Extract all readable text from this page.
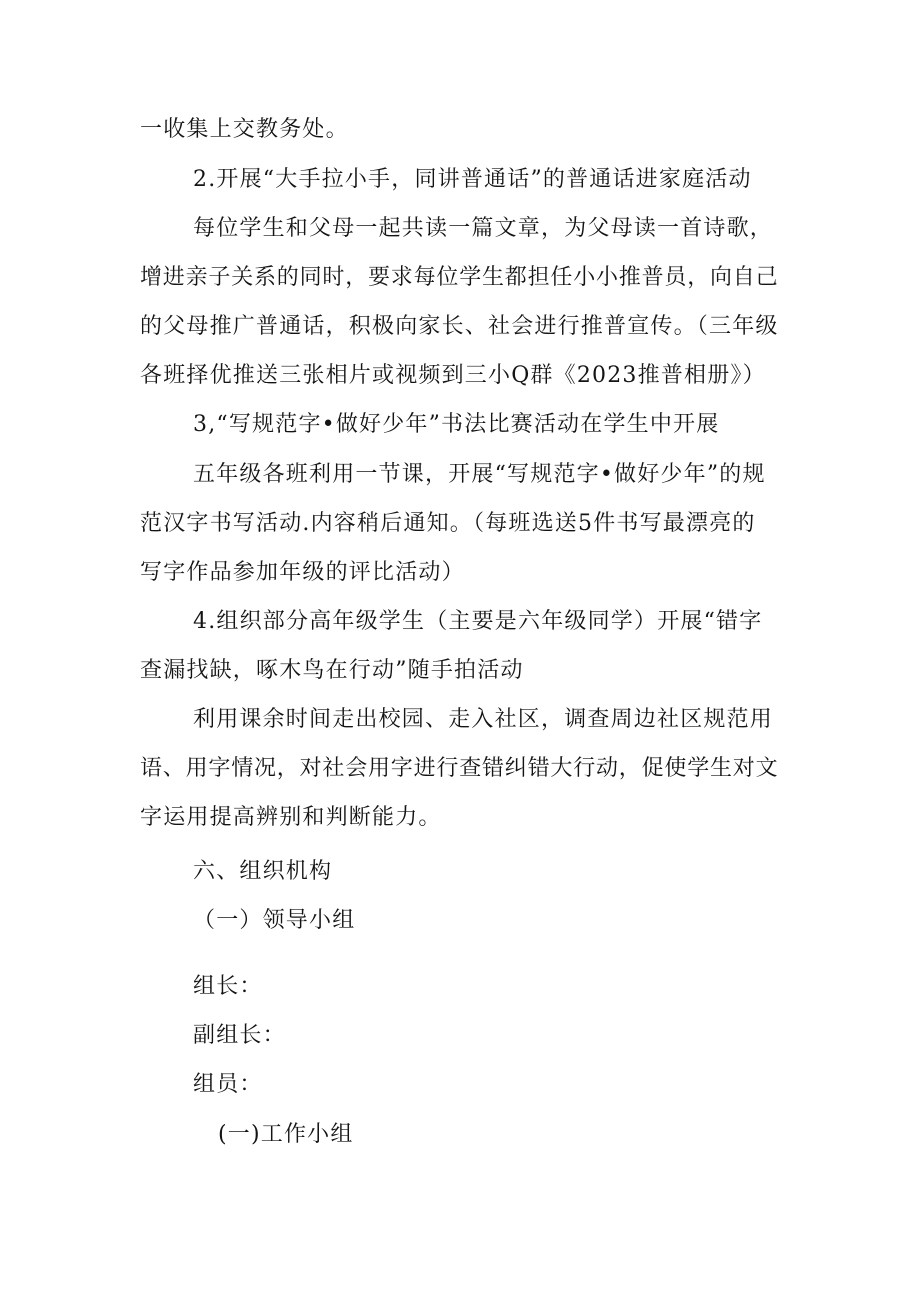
一收集上交教务处。
2.开展“大手拉小手，同讲普通话”的普通话进家庭活动
每位学生和父母一起共读一篇文章，为父母读一首诗歌，
增进亲子关系的同时，要求每位学生都担任小小推普员，向自己
的父母推广普通话，积极向家长、社会进行推普宣传。（三年级
各班择优推送三张相片或视频到三小Q群《2023推普相册》）
3,“写规范字•做好少年”书法比赛活动在学生中开展
五年级各班利用一节课，开展“写规范字•做好少年”的规
范汉字书写活动.内容稍后通知。（每班选送5件书写最漂亮的
写字作品参加年级的评比活动）
4.组织部分高年级学生（主要是六年级同学）开展“错字
查漏找缺，啄木鸟在行动”随手拍活动
利用课余时间走出校园、走入社区，调查周边社区规范用
语、用字情况，对社会用字进行查错纠错大行动，促使学生对文
字运用提高辨别和判断能力。
六、组织机构
（一）领导小组
组长：
副组长：
组员：
(一)工作小组
